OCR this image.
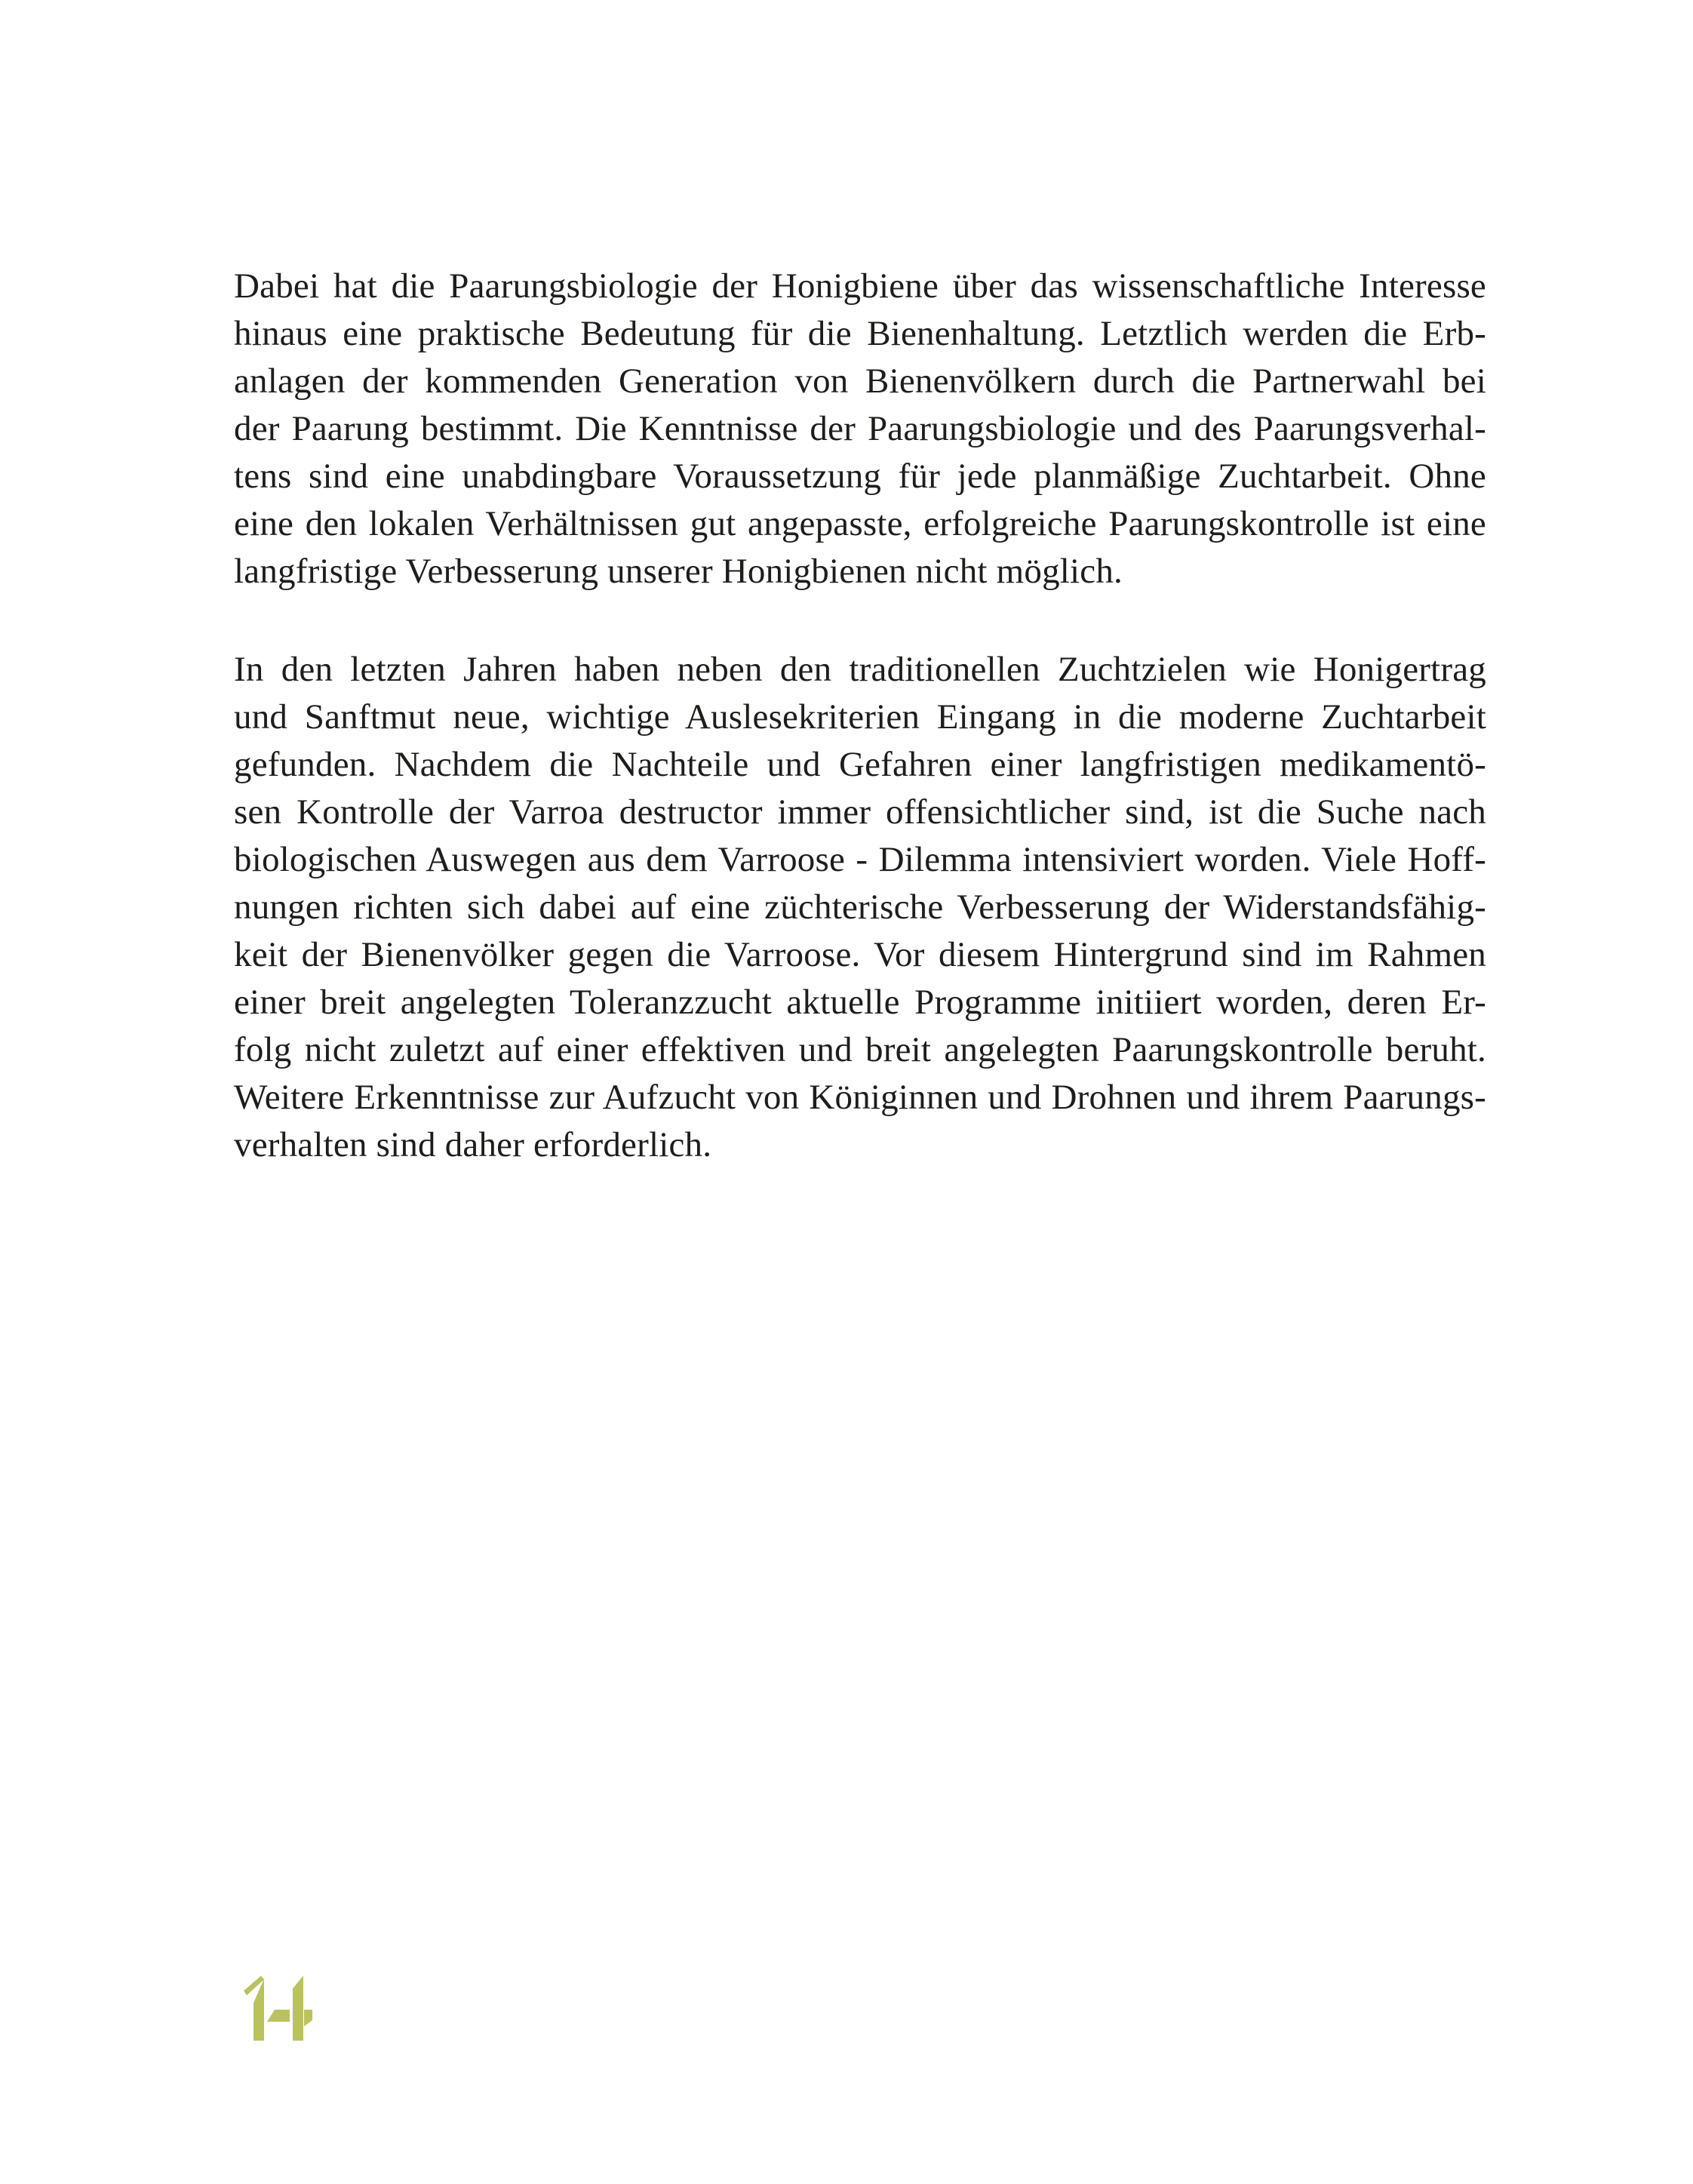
Dabei hat die Paarungsbiologie der Honigbiene über das wissenschaftliche Interesse
hinaus eine praktische Bedeutung für die Bienenhaltung. Letztlich werden die Erb-
anlagen der kommenden Generation von Bienenvölkern durch die Partnerwahl bei
der Paarung bestimmt. Die Kenntnisse der Paarungsbiologie und des Paarungsverhal-
tens sind eine unabdingbare Voraussetzung für jede planmäßige Zuchtarbeit. Ohne
eine den lokalen Verhältnissen gut angepasste, erfolgreiche Paarungskontrolle ist eine
langfristige Verbesserung unserer Honigbienen nicht möglich.
In den letzten Jahren haben neben den traditionellen Zuchtzielen wie Honigertrag
und Sanftmut neue, wichtige Auslesekriterien Eingang in die moderne Zuchtarbeit
gefunden. Nachdem die Nachteile und Gefahren einer langfristigen medikamentö-
sen Kontrolle der Varroa destructor immer offensichtlicher sind, ist die Suche nach
biologischen Auswegen aus dem Varroose - Dilemma intensiviert worden. Viele Hoff-
nungen richten sich dabei auf eine züchterische Verbesserung der Widerstandsfähig-
keit der Bienenvölker gegen die Varroose. Vor diesem Hintergrund sind im Rahmen
einer breit angelegten Toleranzzucht aktuelle Programme initiiert worden, deren Er-
folg nicht zuletzt auf einer effektiven und breit angelegten Paarungskontrolle beruht.
Weitere Erkenntnisse zur Aufzucht von Königinnen und Drohnen und ihrem Paarungs-
verhalten sind daher erforderlich.
